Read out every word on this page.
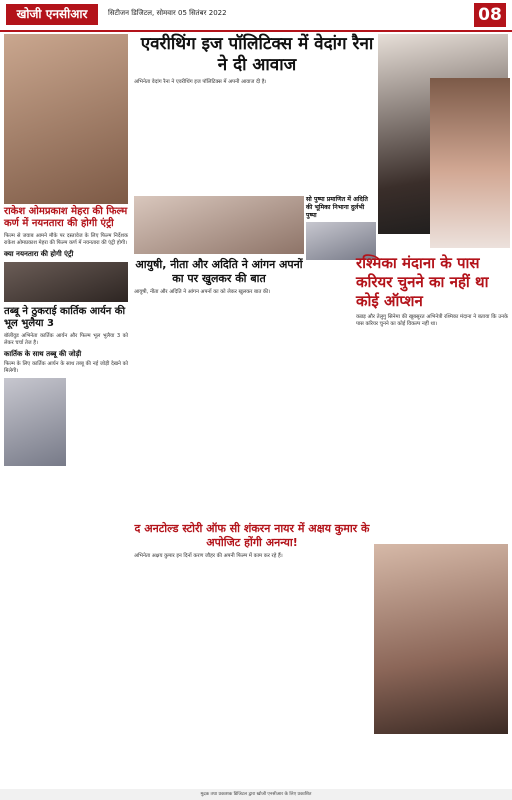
खोजी एनसीआर	सिटीजन डिजिटल, सोमवार 05 सितंबर 2022	08
राकेश ओमप्रकाश मेहरा की फिल्म कर्ण में नयनतारा की होगी एंट्री
फिल्म से जवाब आमने मौके पर दस्तावेज के लिए फिल्म निर्देशक राकेश ओमप्रकाश मेहरा की फिल्म कर्ण में नयनतारा की एंट्री होगी।
क्या नयनतारा की होगी एंट्री
तब्बू ने ठुकराई कार्तिक आर्यन की भूल भुलैया 3
बॉलीवुड अभिनेता कार्तिक आर्यन और फिल्म भूल भुलैया 3 को लेकर चर्चा तेज है।
कार्तिक के साथ तब्बू की जोड़ी
फिल्म के लिए कार्तिक आर्यन के साथ तब्बू की नई जोड़ी देखने को मिलेगी।
एवरीथिंग इज पॉलिटिक्स में वेदांग रैना ने दी आवाज
अभिनेता वेदांग रैना ने एवरीथिंग इज पॉलिटिक्स में अपनी आवाज दी है।
आयुषी, नीता और अदिति ने आंगन अपनों का पर खुलकर की बात
आयुषी, नीता और अदिति ने आंगन अपनों का को लेकर खुलकर बात की।
सो पुष्पा प्रमाणित में अदिति की भूमिका निभाना दुर्लभी पुष्पा
रश्मिका मंदाना के पास करियर चुनने का नहीं था कोई ऑप्शन
कन्नड़ और तेलुगु सिनेमा की खूबसूरत अभिनेत्री रश्मिका मंदाना ने बताया कि उनके पास करियर चुनने का कोई विकल्प नहीं था।
द अनटोल्ड स्टोरी ऑफ सी शंकरन नायर में अक्षय कुमार के अपोजिट होंगी अनन्या!
अभिनेता अक्षय कुमार इन दिनों करण जौहर की अपनी फिल्म में काम कर रहे हैं।
मुद्रक तथा प्रकाशक डिजिटल द्वारा खोजी एनसीआर के लिए प्रकाशित
